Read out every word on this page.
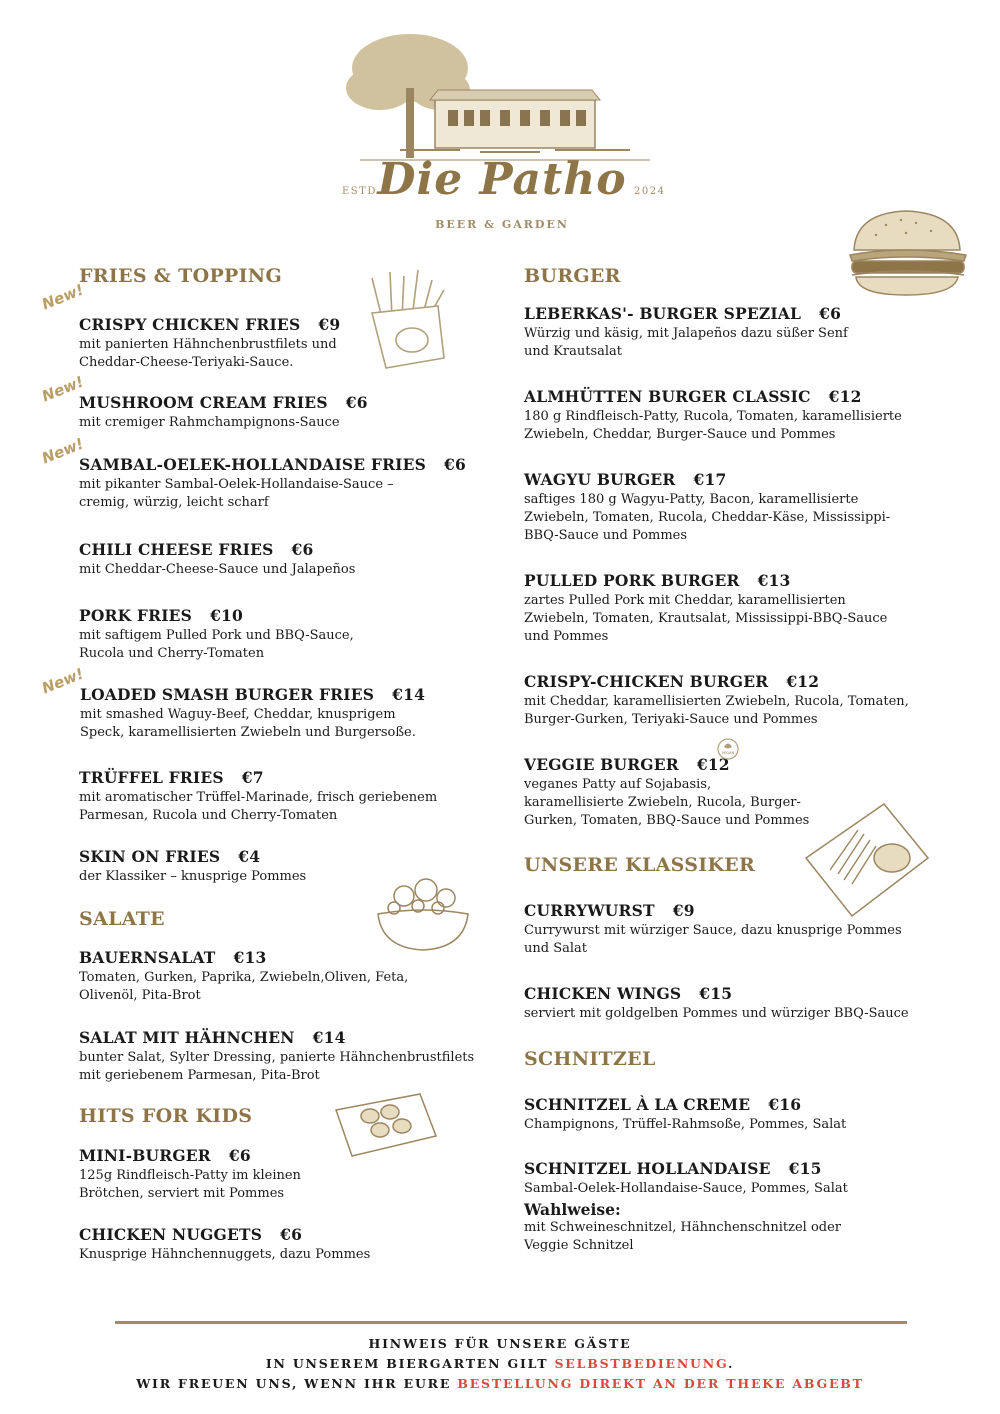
ESTD	2024
Die Patho
BEER & GARDEN
FRIES & TOPPING
New!
CRISPY CHICKEN FRIES €9
mit panierten Hähnchenbrustfilets und Cheddar-Cheese-Teriyaki-Sauce.
New!
MUSHROOM CREAM FRIES €6
mit cremiger Rahmchampignons-Sauce
New!
SAMBAL-OELEK-HOLLANDAISE FRIES €6
mit pikanter Sambal-Oelek-Hollandaise-Sauce – cremig, würzig, leicht scharf
CHILI CHEESE FRIES €6
mit Cheddar-Cheese-Sauce und Jalapeños
PORK FRIES €10
mit saftigem Pulled Pork und BBQ-Sauce, Rucola und Cherry-Tomaten
New!
LOADED SMASH BURGER FRIES €14
mit smashed Waguy-Beef, Cheddar, knusprigem Speck, karamellisierten Zwiebeln und Burgersoße.
TRÜFFEL FRIES €7
mit aromatischer Trüffel-Marinade, frisch geriebenem Parmesan, Rucola und Cherry-Tomaten
SKIN ON FRIES €4
der Klassiker – knusprige Pommes
SALATE
BAUERNSALAT €13
Tomaten, Gurken, Paprika, Zwiebeln,Oliven, Feta, Olivenöl, Pita-Brot
SALAT MIT HÄHNCHEN €14
bunter Salat, Sylter Dressing, panierte Hähnchenbrustfilets mit geriebenem Parmesan, Pita-Brot
HITS FOR KIDS
MINI-BURGER €6
125g Rindfleisch-Patty im kleinen Brötchen, serviert mit Pommes
CHICKEN NUGGETS €6
Knusprige Hähnchennuggets, dazu Pommes
BURGER
LEBERKAS'- BURGER SPEZIAL €6
Würzig und käsig, mit Jalapeños dazu süßer Senf und Krautsalat
ALMHÜTTEN BURGER CLASSIC €12
180 g Rindfleisch-Patty, Rucola, Tomaten, karamellisierte Zwiebeln, Cheddar, Burger-Sauce und Pommes
WAGYU BURGER €17
saftiges 180 g Wagyu-Patty, Bacon, karamellisierte Zwiebeln, Tomaten, Rucola, Cheddar-Käse, Mississippi-BBQ-Sauce und Pommes
PULLED PORK BURGER €13
zartes Pulled Pork mit Cheddar, karamellisierten Zwiebeln, Tomaten, Krautsalat, Mississippi-BBQ-Sauce und Pommes
CRISPY-CHICKEN BURGER €12
mit Cheddar, karamellisierten Zwiebeln, Rucola, Tomaten, Burger-Gurken, Teriyaki-Sauce und Pommes
VEGGIE BURGER €12
veganes Patty auf Sojabasis, karamellisierte Zwiebeln, Rucola, Burger-Gurken, Tomaten, BBQ-Sauce und Pommes
VEGAN
UNSERE KLASSIKER
CURRYWURST €9
Currywurst mit würziger Sauce, dazu knusprige Pommes und Salat
CHICKEN WINGS €15
serviert mit goldgelben Pommes und würziger BBQ-Sauce
SCHNITZEL
SCHNITZEL À LA CREME €16
Champignons, Trüffel-Rahmsoße, Pommes, Salat
SCHNITZEL HOLLANDAISE €15
Sambal-Oelek-Hollandaise-Sauce, Pommes, Salat
Wahlweise:
mit Schweineschnitzel, Hähnchenschnitzel oder Veggie Schnitzel
HINWEIS FÜR UNSERE GÄSTE
IN UNSEREM BIERGARTEN GILT SELBSTBEDIENUNG.
WIR FREUEN UNS, WENN IHR EURE BESTELLUNG DIREKT AN DER THEKE ABGEBT
